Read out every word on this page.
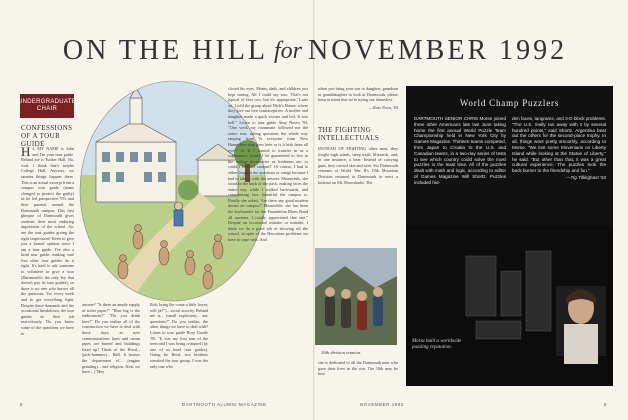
ON THE HILL for NOVEMBER 1992
UNDERGRADUATE CHAIR
CONFESSIONS OF A TOUR GUIDE
H I, MY NAME is John and I'm your tour guide. Behind me is Tucker Hall. No, wait, I think that's maybe College Hall. Anyway, we saunter things happen there. This is an actual excerpt from a campus tour guide (name changed to protect the guilty) as he led prospective '97s and their parents around the Dartmouth campus. This first glimpse of Dartmouth gives students their most enduring impression of the school. So, are the tour guides giving the right impression? Keen to give you a biased opinion since I am a tour guide. I've also a head tour guide, making sure five other tour guides do it right. It's hard to ask someone to volunteer to give a tour (Dartmouth's the only Ivy that doesn't pay its tour guides), so there is no one who knows all the questions. Yet, every week and to get everything right. Despite these demands and the occasional breakdown, the tour guides do their job marvelously. Do you know some of the questions we have to
answer? "Is there an ample supply of toilet paper?" "How big is the endowment?" "Do you drink beer?" Do you realize all of the construction we have to deal with these days, as new communications lines and steam pipes are buried and buildings fixed up? Think of the Hood... (jack-hammer)... Hall. It houses the department of... (engine grinding)... and religion. Next we have... ("Hey
Bob, bring the crane a little lower, will ya?")... social activity. Behind me is... (small explosion)... any questions?" Do you realize, the other things we have to deal with? Listen to tour guide Rory Goode '95: "It was my first tour of the term and I was being critiqued (by one of us head tour guides). Going by Reed, two brothers streaked the tour group. I was the only one who
closed his eyes. Moms, dads, and children just kept staring. All I could say was, 'That's not typical of first row, but it's appropriate.' Later on, I told the group about Dick's House, where they give out free contraceptives. A mother and daughter made a quick excuse and left. It was hell." Listen to tour guide Amy Novin '94: "One week my roommate followed me the entire tour, asking questions the whole way ranging from 'Is everyone from New Hampshire who goes here or is it kids from all over?' to 'If I wanted to transfer in as a sophomore, would I be guaranteed to live in the college dormitories as freshmen are, or could I live off campus?' Of course, I had to either laugh at the questions or cringe because I had to take it with the answer. Meanwhile, she stood in the back of the pack, making faces the entire way while I walked backwards, and commenting how beautiful the campus is. Finally she asked, 'Are there any good modern dorms on campus?' Meanwhile, she has been the keyboarder for the Foundation Blues Band all summer. I totally appreciated that one." Despite an occasional mistake or mistake, I think we do a good job of showing off the school, in spite of the Herculean problems we have to cope with. And
when you bring your son or daughter, grandson or granddaughter to look at Dartmouth, please keep in mind that we're trying our darnedest.
—Ross Nova, '94
THE FIGHTING INTELLECTUALS
INSTEAD OF FIGHTING other men, they fought high winds, steep trails, blizzards, and, in one instance, a bear. Instead of carrying guns, they carried skis and axes. Six Dartmouth veterans of World War II's 10th Mountain Division returned to Dartmouth to erect a lookout on Mt. Moosilauke. The
10th division reunion.
site is dedicated to all the Dartmouth men who gave their lives in the war. The 10th may be best
World Champ Puzzlers
DARTMOUTH SENIOR CHRIS Morse joined three other Americans late last June taking home the first annual World Puzzle Team Championship held in New York City by Games Magazine. Thirteen teams competed, from Japan to Croatia to the U.S. and Canadian teams, in a two-day series of tests to see which country could solve the most puzzles in the least time. All of the puzzles dealt with math and logic, according to editor of Games Magazine Will Shortz. Puzzles included hid-
den faces, tangrams, and 3-D block problems. "The U.S. really ran away with it by several hundred points," said Shortz. Argentina beat out the others for the second-place trophy. In all, things went pretty smoothly, according to Morse. "We lost some Slovenians on Liberty Island while looking at the Statue of Liberty," he said. "But other than that, it was a great cultural experience. The puzzles took the back burner to the friendship and fun."
—Tig Tillinghast '93
Morse built a worldwide puzzling reputation.
8	DARTMOUTH ALUMNI MAGAZINE	NOVEMBER 1992	9
